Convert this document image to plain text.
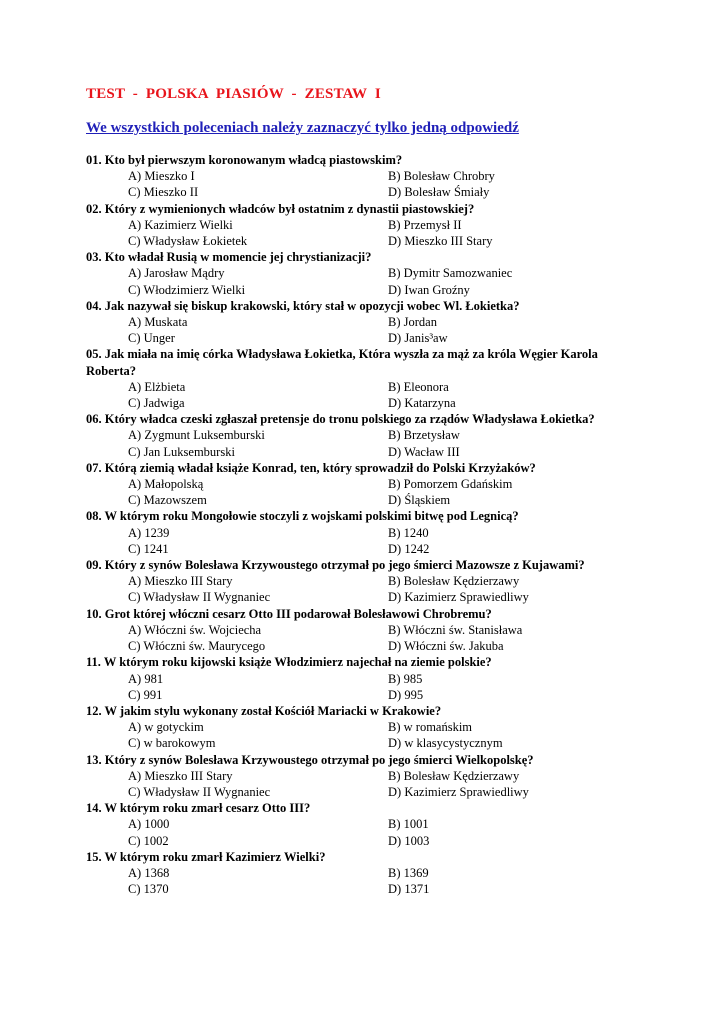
TEST  -  POLSKA  PIASIÓW  -  ZESTAW  I
We wszystkich poleceniach należy zaznaczyć tylko jedną odpowiedź
01. Kto był pierwszym koronowanym władcą piastowskim?
A) Mieszko I	B) Bolesław Chrobry
C) Mieszko II	D) Bolesław Śmiały
02. Który z wymienionych władców był ostatnim z dynastii piastowskiej?
A) Kazimierz Wielki	B) Przemysł II
C) Władysław Łokietek	D) Mieszko III Stary
03. Kto władał Rusią w momencie jej chrystianizacji?
A) Jarosław Mądry	B) Dymitr Samozwaniec
C) Włodzimierz Wielki	D) Iwan Groźny
04. Jak nazywał się biskup krakowski, który stał w opozycji wobec Wl. Łokietka?
A) Muskata	B) Jordan
C) Unger	D) Janis³aw
05. Jak miała na imię córka Władysława Łokietka, Która wyszła za mąż za króla Węgier Karola Roberta?
A) Elżbieta	B) Eleonora
C) Jadwiga	D) Katarzyna
06. Który władca czeski zgłaszał pretensje do tronu polskiego za rządów Władysława Łokietka?
A) Zygmunt Luksemburski	B) Brzetysław
C) Jan Luksemburski	D) Wacław III
07. Którą ziemią władał książe Konrad, ten, który sprowadził do Polski Krzyżaków?
A) Małopolską	B) Pomorzem Gdańskim
C) Mazowszem	D) Śląskiem
08. W którym roku Mongołowie stoczyli z wojskami polskimi bitwę pod Legnicą?
A) 1239	B) 1240
C) 1241	D) 1242
09. Który z synów Bolesława Krzywoustego otrzymał po jego śmierci Mazowsze z Kujawami?
A) Mieszko III Stary	B) Bolesław Kędzierzawy
C) Władysław II Wygnaniec	D) Kazimierz Sprawiedliwy
10. Grot której włóczni cesarz Otto III podarował Bolesławowi Chrobremu?
A) Włóczni św. Wojciecha	B) Włóczni św. Stanisława
C) Włóczni św. Maurycego	D) Włóczni św. Jakuba
11. W którym roku kijowski książe Włodzimierz najechał na ziemie polskie?
A) 981	B) 985
C) 991	D) 995
12. W jakim stylu wykonany został Kościół Mariacki w Krakowie?
A) w gotyckim	B) w romańskim
C) w barokowym	D) w klasycystycznym
13. Który z synów Bolesława Krzywoustego otrzymał po jego śmierci Wielkopolskę?
A) Mieszko III Stary	B) Bolesław Kędzierzawy
C) Władysław II Wygnaniec	D) Kazimierz Sprawiedliwy
14. W którym roku zmarł cesarz Otto III?
A) 1000	B) 1001
C) 1002	D) 1003
15. W którym roku zmarł Kazimierz Wielki?
A) 1368	B) 1369
C) 1370	D) 1371
